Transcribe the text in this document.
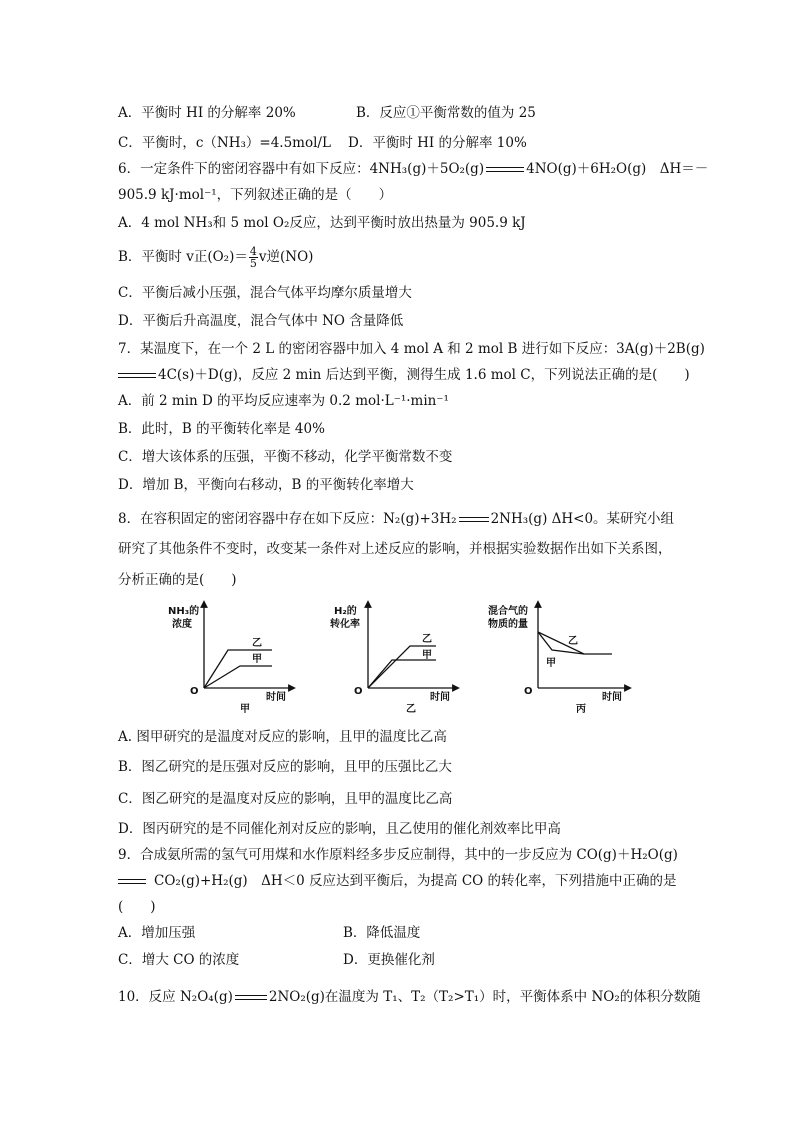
A．平衡时 HI 的分解率 20%	B．反应①平衡常数的值为 25
C．平衡时，c（NH₃）=4.5mol/L D．平衡时 HI 的分解率 10%
6．一定条件下的密闭容器中有如下反应：4NH₃(g)＋5O₂(g)	4NO(g)＋6H₂O(g)　ΔH＝－
905.9 kJ·mol⁻¹，下列叙述正确的是（　　）
A．4 mol NH₃和 5 mol O₂反应，达到平衡时放出热量为 905.9 kJ
B．平衡时 v正$(O_2)= \frac{4}{5}$ v逆(NO)
C．平衡后减小压强，混合气体平均摩尔质量增大
D．平衡后升高温度，混合气体中 NO 含量降低
7．某温度下，在一个 2 L 的密闭容器中加入 4 mol A 和 2 mol B 进行如下反应：3A(g)＋2B(g)
4C(s)＋D(g)，反应 2 min 后达到平衡，测得生成 1.6 mol C，下列说法正确的是(　　)
A．前 2 min D 的平均反应速率为 0.2 mol·L⁻¹·min⁻¹
B．此时，B 的平衡转化率是 40%
C．增大该体系的压强，平衡不移动，化学平衡常数不变
D．增加 B，平衡向右移动，B 的平衡转化率增大
8．在容积固定的密闭容器中存在如下反应：N₂(g)+3H₂	2NH₃(g) ΔH<0。某研究小组
研究了其他条件不变时，改变某一条件对上述反应的影响，并根据实验数据作出如下关系图，
分析正确的是(　　)
NH₃的
浓度
O
时间
乙
甲
甲
H₂的
转化率
O
时间
乙
甲
乙
混合气的
物质的量
O
时间
乙
甲
丙
A. 图甲研究的是温度对反应的影响，且甲的温度比乙高
B．图乙研究的是压强对反应的影响，且甲的压强比乙大
C．图乙研究的是温度对反应的影响，且甲的温度比乙高
D．图丙研究的是不同催化剂对反应的影响，且乙使用的催化剂效率比甲高
9．合成氨所需的氢气可用煤和水作原料经多步反应制得，其中的一步反应为 CO(g)＋H₂O(g)
CO₂(g)+H₂(g)　ΔH＜0 反应达到平衡后，为提高 CO 的转化率，下列措施中正确的是
(　　)
A．增加压强	B．降低温度
C．增大 CO 的浓度	D．更换催化剂
10．反应 N₂O₄(g)	2NO₂(g)在温度为 T₁、T₂（T₂>T₁）时，平衡体系中 NO₂的体积分数随
